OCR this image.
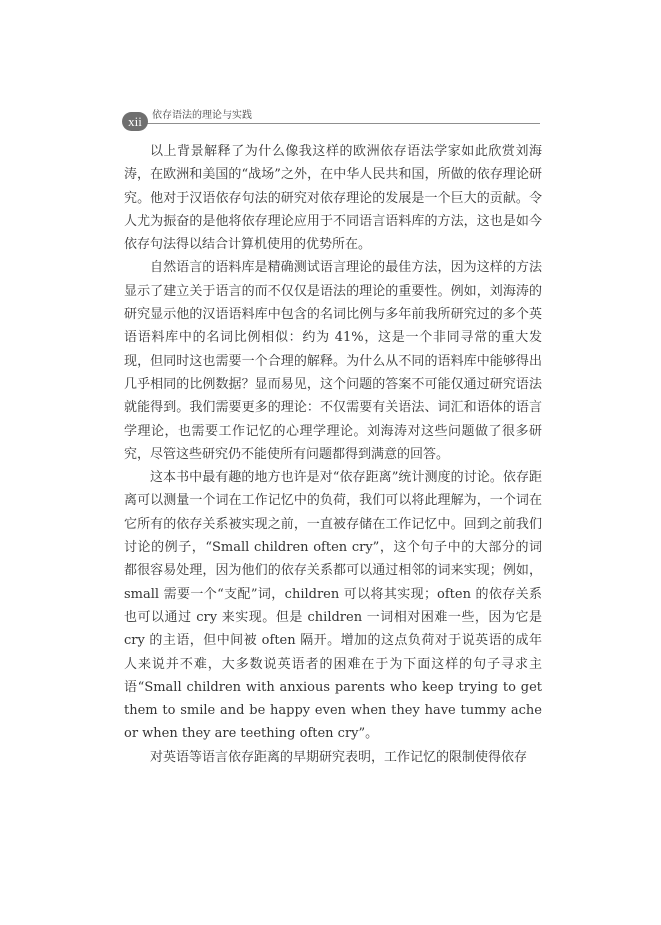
xii	依存语法的理论与实践

以上背景解释了为什么像我这样的欧洲依存语法学家如此欣赏刘海涛，在欧洲和美国的“战场”之外，在中华人民共和国，所做的依存理论研究。他对于汉语依存句法的研究对依存理论的发展是一个巨大的贡献。令人尤为振奋的是他将依存理论应用于不同语言语料库的方法，这也是如今依存句法得以结合计算机使用的优势所在。

自然语言的语料库是精确测试语言理论的最佳方法，因为这样的方法显示了建立关于语言的而不仅仅是语法的理论的重要性。例如，刘海涛的研究显示他的汉语语料库中包含的名词比例与多年前我所研究过的多个英语语料库中的名词比例相似：约为 41%，这是一个非同寻常的重大发现，但同时这也需要一个合理的解释。为什么从不同的语料库中能够得出几乎相同的比例数据？显而易见，这个问题的答案不可能仅通过研究语法就能得到。我们需要更多的理论：不仅需要有关语法、词汇和语体的语言学理论，也需要工作记忆的心理学理论。刘海涛对这些问题做了很多研究，尽管这些研究仍不能使所有问题都得到满意的回答。

这本书中最有趣的地方也许是对“依存距离”统计测度的讨论。依存距离可以测量一个词在工作记忆中的负荷，我们可以将此理解为，一个词在它所有的依存关系被实现之前，一直被存储在工作记忆中。回到之前我们讨论的例子，“Small children often cry”，这个句子中的大部分的词都很容易处理，因为他们的依存关系都可以通过相邻的词来实现；例如，small 需要一个“支配”词，children 可以将其实现；often 的依存关系也可以通过 cry 来实现。但是 children 一词相对困难一些，因为它是 cry 的主语，但中间被 often 隔开。增加的这点负荷对于说英语的成年人来说并不难，大多数说英语者的困难在于为下面这样的句子寻求主语“Small children with anxious parents who keep trying to get them to smile and be happy even when they have tummy ache or when they are teething often cry”。

对英语等语言依存距离的早期研究表明，工作记忆的限制使得依存
